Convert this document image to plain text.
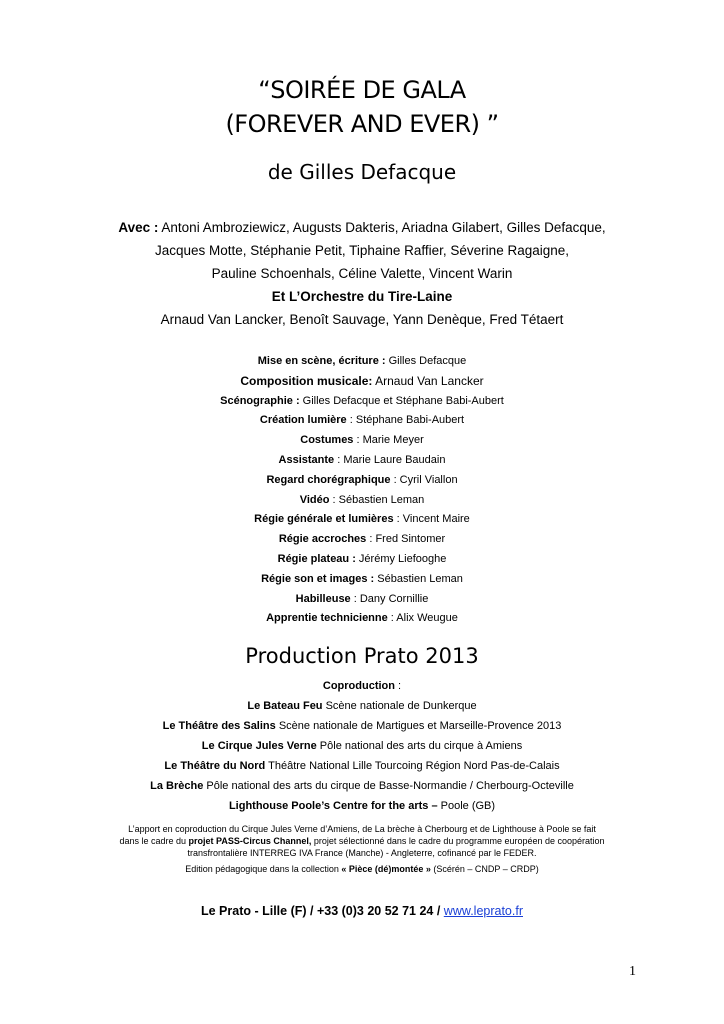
“SOIRÉE DE GALA
(FOREVER AND EVER) ”
de Gilles Defacque
Avec : Antoni Ambroziewicz, Augusts Dakteris, Ariadna Gilabert, Gilles Defacque,
Jacques Motte, Stéphanie Petit, Tiphaine Raffier, Séverine Ragaigne,
Pauline Schoenhals, Céline Valette, Vincent Warin
Et L’Orchestre du Tire-Laine
Arnaud Van Lancker, Benoît Sauvage, Yann Denèque, Fred Tétaert
Mise en scène, écriture : Gilles Defacque
Composition musicale: Arnaud Van Lancker
Scénographie : Gilles Defacque et Stéphane Babi-Aubert
Création lumière : Stéphane Babi-Aubert
Costumes : Marie Meyer
Assistante : Marie Laure Baudain
Regard chorégraphique : Cyril Viallon
Vidéo : Sébastien Leman
Régie générale et lumières : Vincent Maire
Régie accroches : Fred Sintomer
Régie plateau : Jérémy Liefooghe
Régie son et images : Sébastien Leman
Habilleuse : Dany Cornillie
Apprentie technicienne : Alix Weugue
Production Prato 2013
Coproduction :
Le Bateau Feu Scène nationale de Dunkerque
Le Théâtre des Salins Scène nationale de Martigues et Marseille-Provence 2013
Le Cirque Jules Verne Pôle national des arts du cirque à Amiens
Le Théâtre du Nord Théâtre National Lille Tourcoing Région Nord Pas-de-Calais
La Brèche Pôle national des arts du cirque de Basse-Normandie / Cherbourg-Octeville
Lighthouse Poole’s Centre for the arts – Poole (GB)
L’apport en coproduction du Cirque Jules Verne d’Amiens, de La brèche à Cherbourg et de Lighthouse à Poole se fait
dans le cadre du projet PASS-Circus Channel, projet sélectionné dans le cadre du programme européen de coopération
transfrontalière INTERREG IVA France (Manche) - Angleterre, cofinancé par le FEDER.
Edition pédagogique dans la collection « Pièce (dé)montée » (Scérén – CNDP – CRDP)
Le Prato - Lille (F) / +33 (0)3 20 52 71 24 / www.leprato.fr
1
